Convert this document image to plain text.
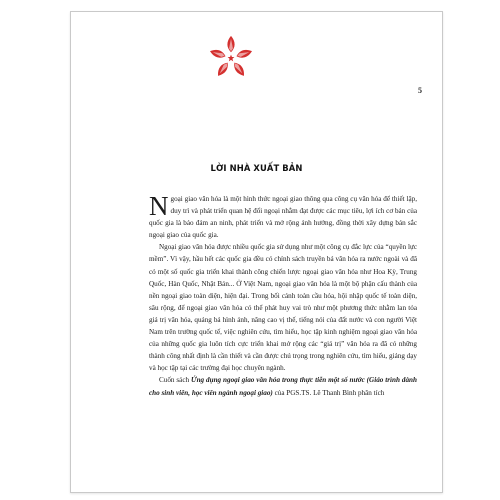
5
LỜI NHÀ XUẤT BẢN

Ngoại giao văn hóa là một hình thức ngoại giao thông qua công cụ văn hóa để thiết lập, duy trì và phát triển quan hệ đối ngoại nhằm đạt được các mục tiêu, lợi ích cơ bản của quốc gia là bảo đảm an ninh, phát triển và mở rộng ảnh hưởng, đồng thời xây dựng bản sắc ngoại giao của quốc gia.

Ngoại giao văn hóa được nhiều quốc gia sử dụng như một công cụ đắc lực của “quyền lực mềm”. Vì vậy, hầu hết các quốc gia đều có chính sách truyền bá văn hóa ra nước ngoài và đã có một số quốc gia triển khai thành công chiến lược ngoại giao văn hóa như Hoa Kỳ, Trung Quốc, Hàn Quốc, Nhật Bản... Ở Việt Nam, ngoại giao văn hóa là một bộ phận cấu thành của nền ngoại giao toàn diện, hiện đại. Trong bối cảnh toàn cầu hóa, hội nhập quốc tế toàn diện, sâu rộng, để ngoại giao văn hóa có thể phát huy vai trò như một phương thức nhằm lan tỏa giá trị văn hóa, quảng bá hình ảnh, nâng cao vị thế, tiếng nói của đất nước và con người Việt Nam trên trường quốc tế, việc nghiên cứu, tìm hiểu, học tập kinh nghiệm ngoại giao văn hóa của những quốc gia luôn tích cực triển khai mở rộng các “giá trị” văn hóa ra đã có những thành công nhất định là cần thiết và cần được chú trọng trong nghiên cứu, tìm hiểu, giảng dạy và học tập tại các trường đại học chuyên ngành.

Cuốn sách Ứng dụng ngoại giao văn hóa trong thực tiễn một số nước (Giáo trình dành cho sinh viên, học viên ngành ngoại giao) của PGS.TS. Lê Thanh Bình phân tích
